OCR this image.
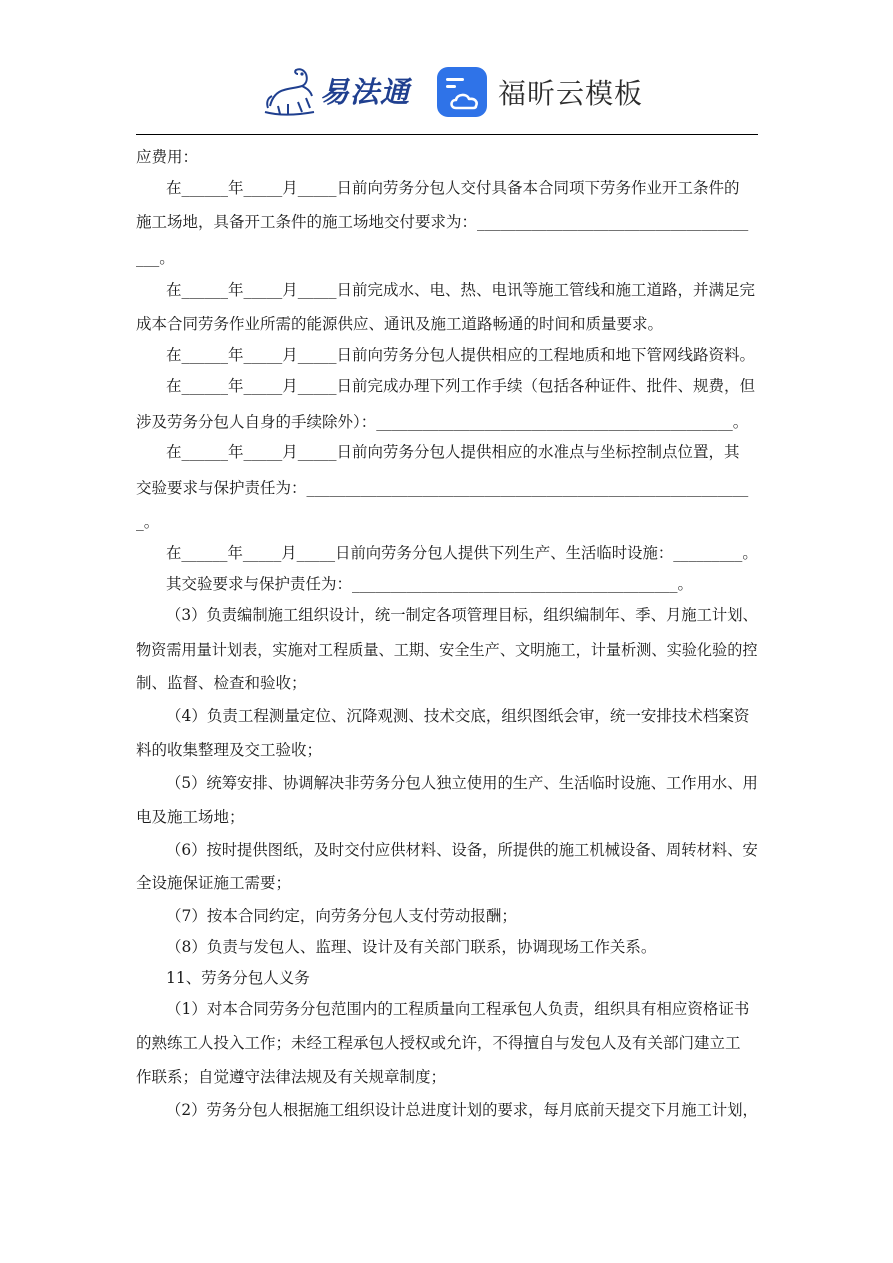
易法通	福昕云模板
应费用：
在______年_____月_____日前向劳务分包人交付具备本合同项下劳务作业开工条件的
施工场地，具备开工条件的施工场地交付要求为：___________________________________
___。
在______年_____月_____日前完成水、电、热、电讯等施工管线和施工道路，并满足完
成本合同劳务作业所需的能源供应、通讯及施工道路畅通的时间和质量要求。
在______年_____月_____日前向劳务分包人提供相应的工程地质和地下管网线路资料。
在______年_____月_____日前完成办理下列工作手续（包括各种证件、批件、规费，但
涉及劳务分包人自身的手续除外）：______________________________________________。
在______年_____月_____日前向劳务分包人提供相应的水准点与坐标控制点位置，其
交验要求与保护责任为：_________________________________________________________
_。
在______年_____月_____日前向劳务分包人提供下列生产、生活临时设施：_________。
其交验要求与保护责任为：__________________________________________。
（3）负责编制施工组织设计，统一制定各项管理目标，组织编制年、季、月施工计划、
物资需用量计划表，实施对工程质量、工期、安全生产、文明施工，计量析测、实验化验的控
制、监督、检查和验收；
（4）负责工程测量定位、沉降观测、技术交底，组织图纸会审，统一安排技术档案资
料的收集整理及交工验收；
（5）统筹安排、协调解决非劳务分包人独立使用的生产、生活临时设施、工作用水、用
电及施工场地；
（6）按时提供图纸，及时交付应供材料、设备，所提供的施工机械设备、周转材料、安
全设施保证施工需要；
（7）按本合同约定，向劳务分包人支付劳动报酬；
（8）负责与发包人、监理、设计及有关部门联系，协调现场工作关系。
11、劳务分包人义务
（1）对本合同劳务分包范围内的工程质量向工程承包人负责，组织具有相应资格证书
的熟练工人投入工作；未经工程承包人授权或允许，不得擅自与发包人及有关部门建立工
作联系；自觉遵守法律法规及有关规章制度；
（2）劳务分包人根据施工组织设计总进度计划的要求，每月底前天提交下月施工计划，
